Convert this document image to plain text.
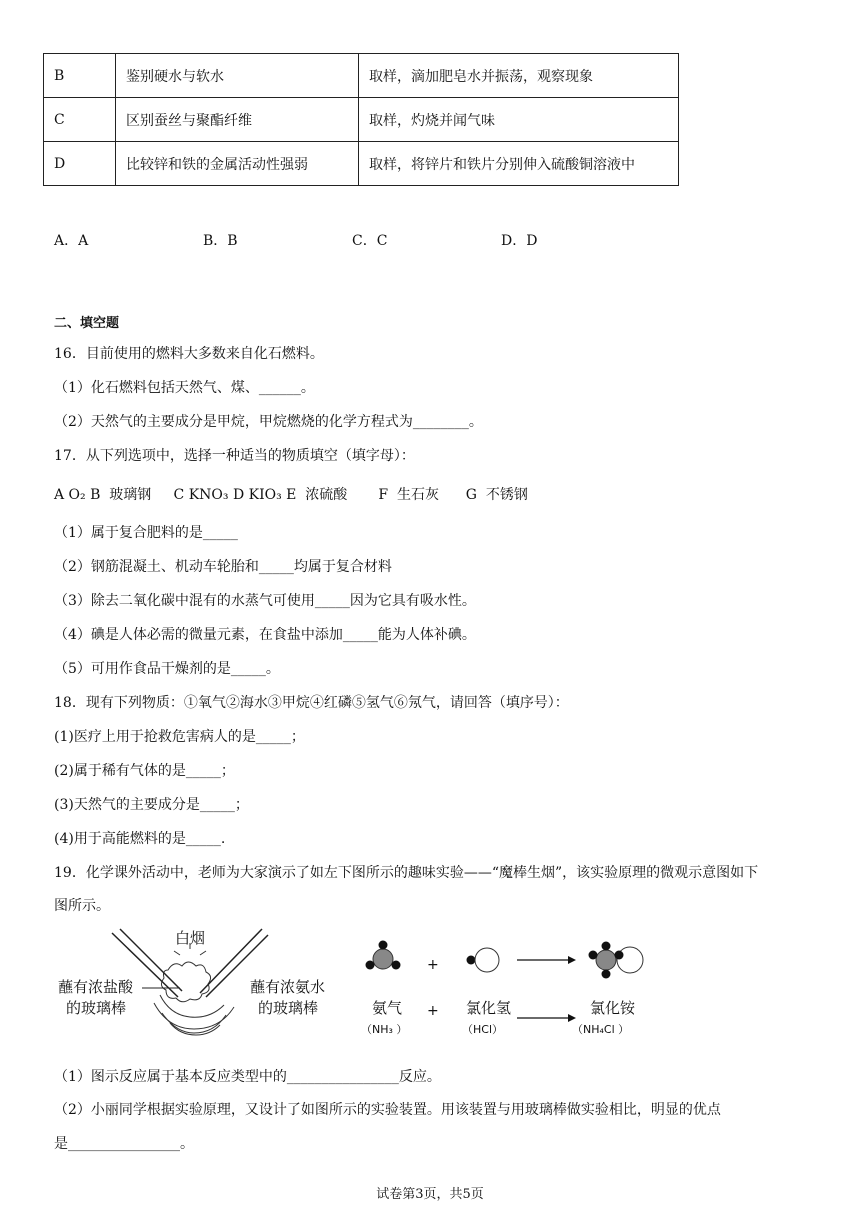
B	鉴别硬水与软水	取样，滴加肥皂水并振荡，观察现象
C	区别蚕丝与聚酯纤维	取样，灼烧并闻气味
D	比较锌和铁的金属活动性强弱	取样，将锌片和铁片分别伸入硫酸铜溶液中
A．A	B．B	C．C	D．D
二、填空题
16．目前使用的燃料大多数来自化石燃料。
（1）化石燃料包括天然气、煤、______。
（2）天然气的主要成分是甲烷，甲烷燃烧的化学方程式为________。
17．从下列选项中，选择一种适当的物质填空（填字母）：
A O₂ B  玻璃钢     C KNO₃ D KIO₃ E  浓硫酸       F  生石灰      G  不锈钢
（1）属于复合肥料的是_____
（2）钢筋混凝土、机动车轮胎和_____均属于复合材料
（3）除去二氧化碳中混有的水蒸气可使用_____因为它具有吸水性。
（4）碘是人体必需的微量元素，在食盐中添加_____能为人体补碘。
（5）可用作食品干燥剂的是_____。
18．现有下列物质：①氧气②海水③甲烷④红磷⑤氢气⑥氖气，请回答（填序号）：
(1)医疗上用于抢救危害病人的是_____；
(2)属于稀有气体的是_____；
(3)天然气的主要成分是_____；
(4)用于高能燃料的是_____.
19．化学课外活动中，老师为大家演示了如左下图所示的趣味实验——“魔棒生烟”，该实验原理的微观示意图如下
图所示。
白烟
蘸有浓盐酸
的玻璃棒
蘸有浓氨水
的玻璃棒
+
氨气
（NH₃ ）
+ 氯化氢
（HCl）
氯化铵
（NH₄Cl ）
（1）图示反应属于基本反应类型中的________________反应。
（2）小丽同学根据实验原理，又设计了如图所示的实验装置。用该装置与用玻璃棒做实验相比，明显的优点
是________________。
试卷第3页，共5页
